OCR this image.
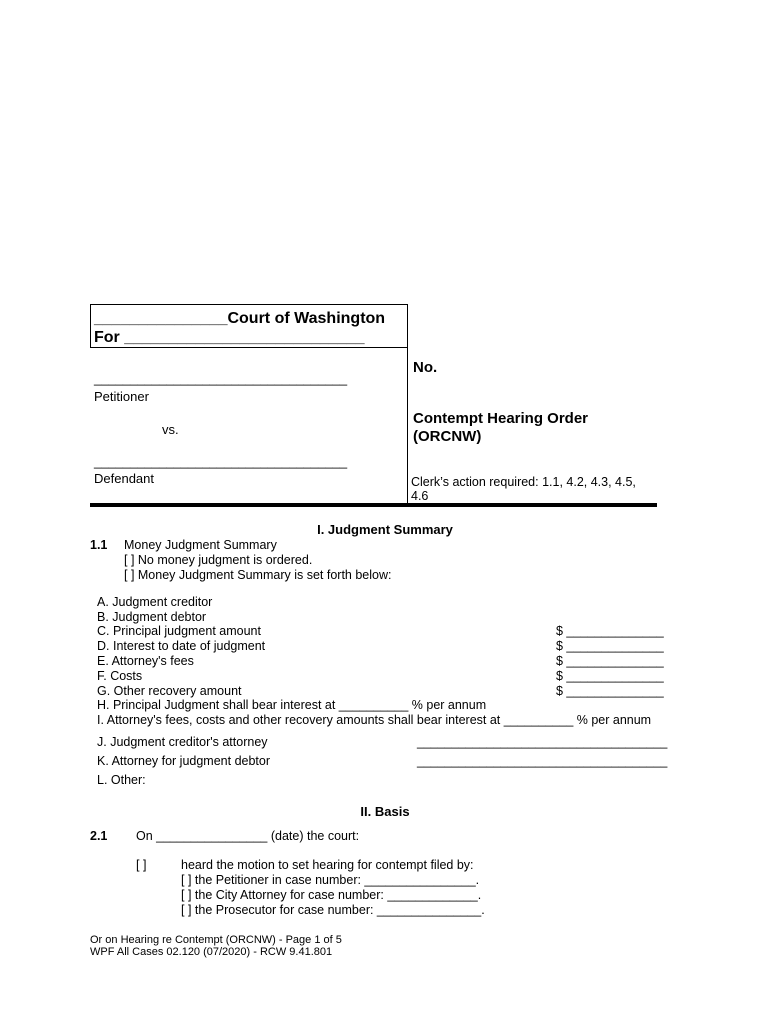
_______________Court of Washington
For ___________________________
___________________________________
Petitioner
vs.
___________________________________
Defendant
No.
Contempt Hearing Order
(ORCNW)
Clerk’s action required: 1.1, 4.2, 4.3, 4.5,
4.6
I. Judgment Summary
1.1 Money Judgment Summary
[ ] No money judgment is ordered.
[ ] Money Judgment Summary is set forth below:
A. Judgment creditor
B. Judgment debtor
C. Principal judgment amount	$ ______________
D. Interest to date of judgment	$ ______________
E. Attorney's fees	$ ______________
F. Costs	$ ______________
G. Other recovery amount	$ ______________
H. Principal Judgment shall bear interest at __________ % per annum
I. Attorney's fees, costs and other recovery amounts shall bear interest at __________ % per annum
J. Judgment creditor's attorney	____________________________________
K. Attorney for judgment debtor	____________________________________
L. Other:
II. Basis
2.1 On ________________ (date) the court:
[ ]	heard the motion to set hearing for contempt filed by:
[ ] the Petitioner in case number: ________________.
[ ] the City Attorney for case number: _____________.
[ ] the Prosecutor for case number: _______________.
Or on Hearing re Contempt (ORCNW) - Page 1 of 5
WPF All Cases 02.120 (07/2020) - RCW 9.41.801
